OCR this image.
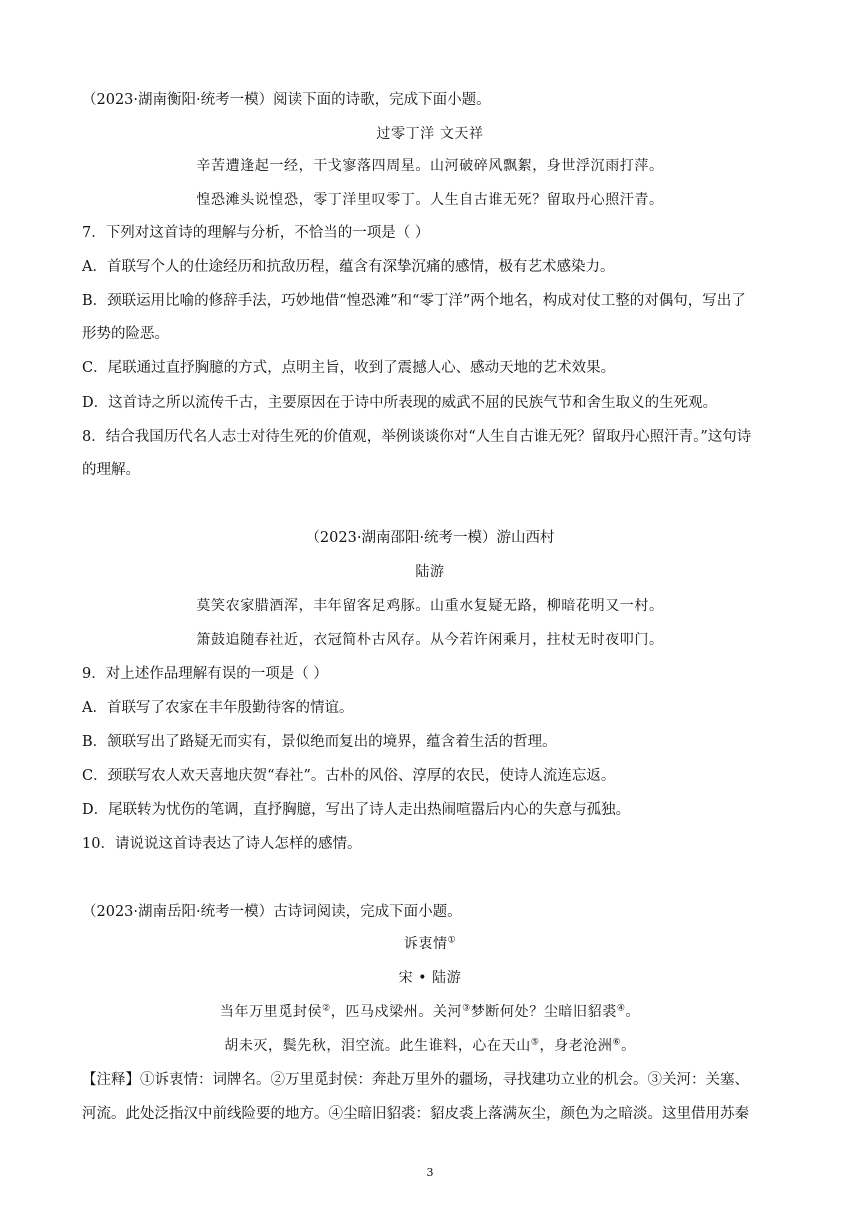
（2023·湖南衡阳·统考一模）阅读下面的诗歌，完成下面小题。
过零丁洋 文天祥
辛苦遭逢起一经，干戈寥落四周星。山河破碎风飘絮，身世浮沉雨打萍。
惶恐滩头说惶恐，零丁洋里叹零丁。人生自古谁无死？留取丹心照汗青。
7．下列对这首诗的理解与分析，不恰当的一项是（ ）
A．首联写个人的仕途经历和抗敌历程，蕴含有深挚沉痛的感情，极有艺术感染力。
B．颈联运用比喻的修辞手法，巧妙地借“惶恐滩”和“零丁洋”两个地名，构成对仗工整的对偶句，写出了
形势的险恶。
C．尾联通过直抒胸臆的方式，点明主旨，收到了震撼人心、感动天地的艺术效果。
D．这首诗之所以流传千古，主要原因在于诗中所表现的威武不屈的民族气节和舍生取义的生死观。
8．结合我国历代名人志士对待生死的价值观，举例谈谈你对“人生自古谁无死？留取丹心照汗青。”这句诗
的理解。
（2023·湖南邵阳·统考一模）游山西村
陆游
莫笑农家腊酒浑，丰年留客足鸡豚。山重水复疑无路，柳暗花明又一村。
箫鼓追随春社近，衣冠简朴古风存。从今若许闲乘月，拄杖无时夜叩门。
9．对上述作品理解有误的一项是（ ）
A．首联写了农家在丰年殷勤待客的情谊。
B．颔联写出了路疑无而实有，景似绝而复出的境界，蕴含着生活的哲理。
C．颈联写农人欢天喜地庆贺“春社”。古朴的风俗、淳厚的农民，使诗人流连忘返。
D．尾联转为忧伤的笔调，直抒胸臆，写出了诗人走出热闹喧嚣后内心的失意与孤独。
10．请说说这首诗表达了诗人怎样的感情。
（2023·湖南岳阳·统考一模）古诗词阅读，完成下面小题。
诉衷情①
宋 • 陆游
当年万里觅封侯②，匹马戍梁州。关河③梦断何处？尘暗旧貂裘④。
胡未灭，鬓先秋，泪空流。此生谁料，心在天山⑤，身老沧洲⑥。
【注释】①诉衷情：词牌名。②万里觅封侯：奔赴万里外的疆场，寻找建功立业的机会。③关河：关塞、
河流。此处泛指汉中前线险要的地方。④尘暗旧貂裘：貂皮裘上落满灰尘，颜色为之暗淡。这里借用苏秦
3
